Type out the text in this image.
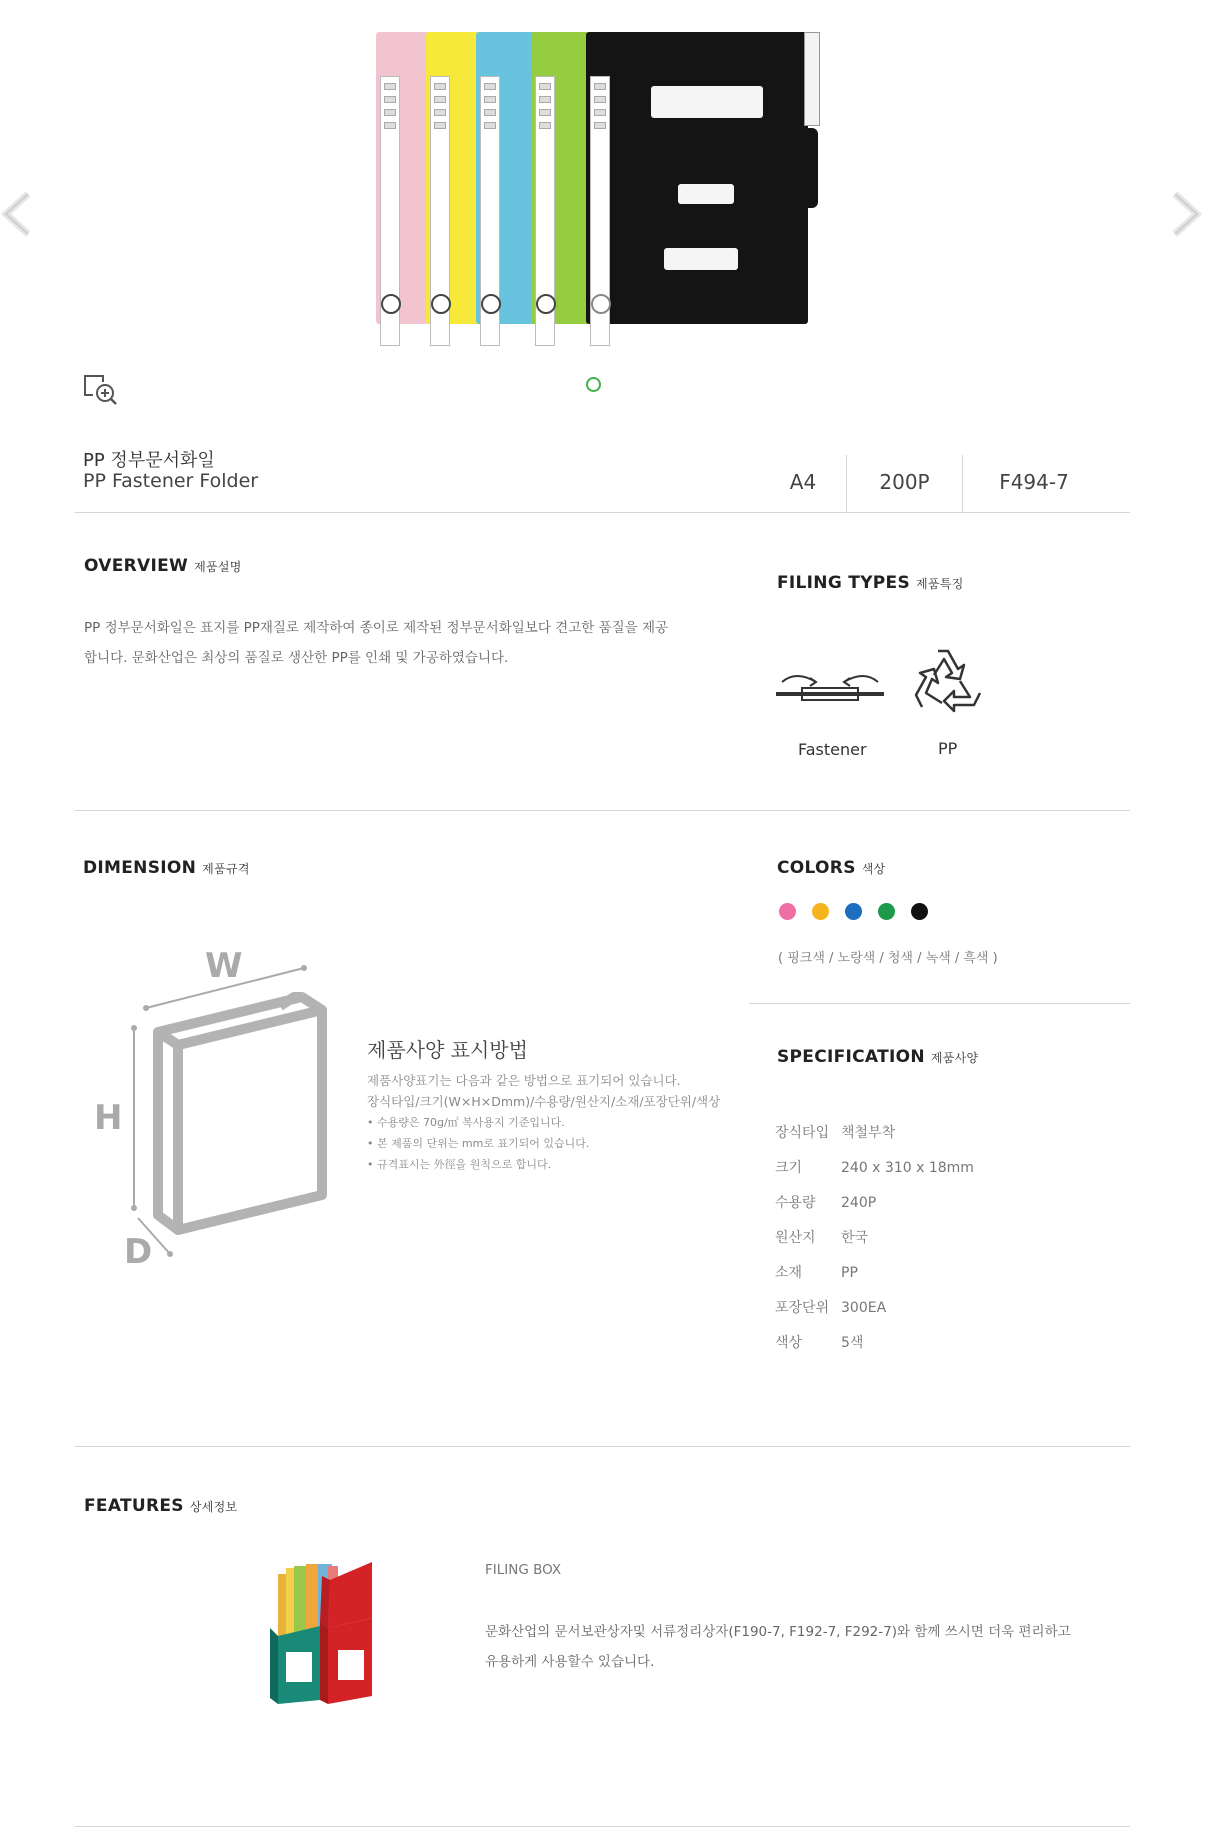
PP 정부문서화일
PP Fastener Folder	A4	200P	F494-7
OVERVIEW 제품설명
PP 정부문서화일은 표지를 PP재질로 제작하여 종이로 제작된 정부문서화일보다 견고한 품질을 제공
합니다. 문화산업은 최상의 품질로 생산한 PP를 인쇄 및 가공하였습니다.
FILING TYPES 제품특징
Fastener	PP
DIMENSION 제품규격
W
H
D
제품사양 표시방법
제품사양표기는 다음과 같은 방법으로 표기되어 있습니다.
장식타입/크기(W×H×Dmm)/수용량/원산지/소재/포장단위/색상
• 수용량은 70g/㎡ 복사용지 기준입니다.
• 본 제품의 단위는 mm로 표기되어 있습니다.
• 규격표시는 外徑을 원칙으로 합니다.
COLORS 색상
( 핑크색 / 노랑색 / 청색 / 녹색 / 흑색 )
SPECIFICATION 제품사양
장식타입 책철부착
크기	240 x 310 x 18mm
수용량 240P
원산지 한국
소재	PP
포장단위 300EA
색상	5색
FEATURES 상세정보
FILING BOX
문화산업의 문서보관상자및 서류정리상자(F190-7, F192-7, F292-7)와 함께 쓰시면 더욱 편리하고
유용하게 사용할수 있습니다.
